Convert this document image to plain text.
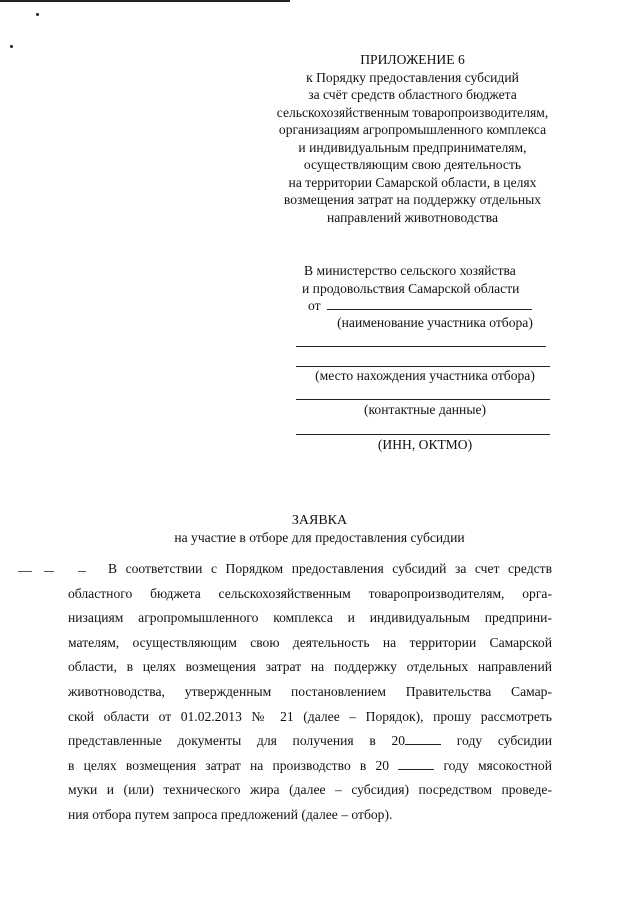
ПРИЛОЖЕНИЕ 6
к Порядку предоставления субсидий
за счёт средств областного бюджета
сельскохозяйственным товаропроизводителям,
организациям агропромышленного комплекса
и индивидуальным предпринимателям,
осуществляющим свою деятельность
на территории Самарской области, в целях
возмещения затрат на поддержку отдельных
направлений животноводства
В министерство сельского хозяйства
и продовольствия Самарской области
от
(наименование участника отбора)
(место нахождения участника отбора)
(контактные данные)
(ИНН, ОКТМО)
ЗАЯВКА
на участие в отборе для предоставления субсидии
В соответствии с Порядком предоставления субсидий за счет средств
областного бюджета сельскохозяйственным товаропроизводителям, орга-
низациям агропромышленного комплекса и индивидуальным предприни-
мателям, осуществляющим свою деятельность на территории Самарской
области, в целях возмещения затрат на поддержку отдельных направлений
животноводства, утвержденным постановлением Правительства Самар-
ской области от 01.02.2013 № 21 (далее – Порядок), прошу рассмотреть
представленные документы для получения в 20	году субсидии
в целях возмещения затрат на производство в 20	году мясокостной
муки и (или) технического жира (далее – субсидия) посредством проведе-
ния отбора путем запроса предложений (далее – отбор).
